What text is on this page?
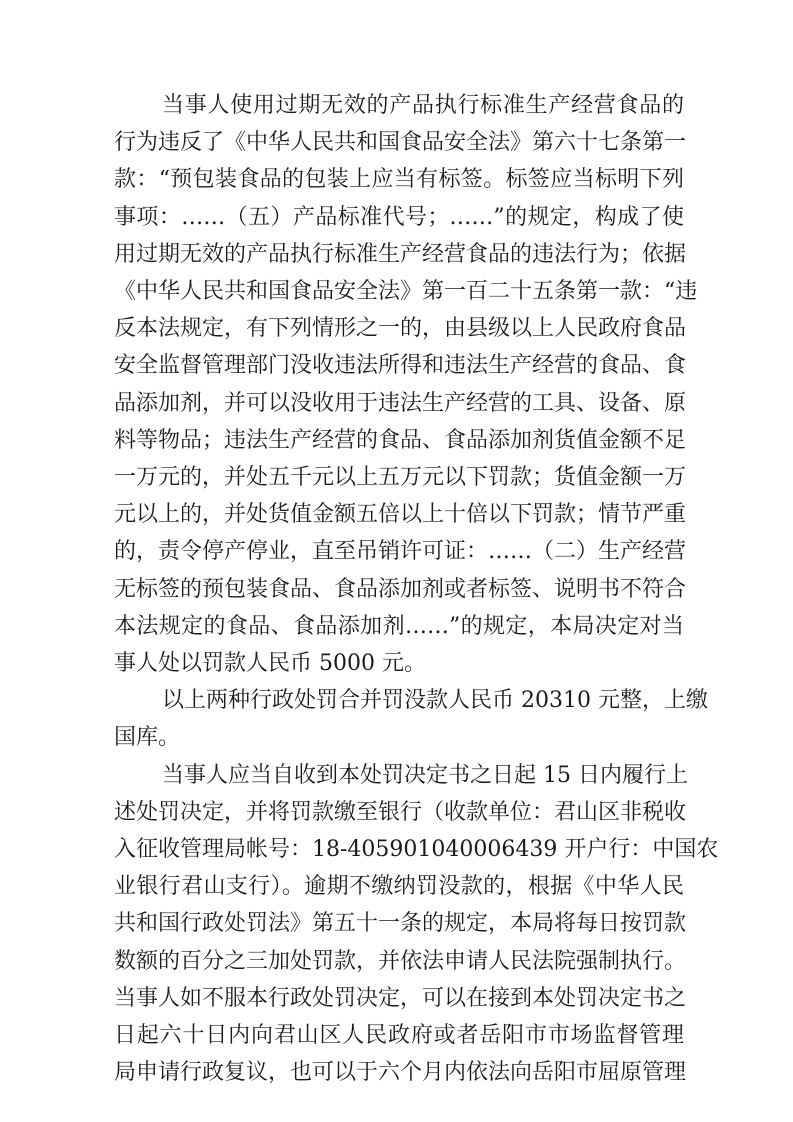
当事人使用过期无效的产品执行标准生产经营食品的
行为违反了《中华人民共和国食品安全法》第六十七条第一
款：“预包装食品的包装上应当有标签。标签应当标明下列
事项：……（五）产品标准代号；……”的规定，构成了使
用过期无效的产品执行标准生产经营食品的违法行为；依据
《中华人民共和国食品安全法》第一百二十五条第一款：“违
反本法规定，有下列情形之一的，由县级以上人民政府食品
安全监督管理部门没收违法所得和违法生产经营的食品、食
品添加剂，并可以没收用于违法生产经营的工具、设备、原
料等物品；违法生产经营的食品、食品添加剂货值金额不足
一万元的，并处五千元以上五万元以下罚款；货值金额一万
元以上的，并处货值金额五倍以上十倍以下罚款；情节严重
的，责令停产停业，直至吊销许可证：……（二）生产经营
无标签的预包装食品、食品添加剂或者标签、说明书不符合
本法规定的食品、食品添加剂……”的规定，本局决定对当
事人处以罚款人民币 5000 元。
以上两种行政处罚合并罚没款人民币 20310 元整，上缴
国库。
当事人应当自收到本处罚决定书之日起 15 日内履行上
述处罚决定，并将罚款缴至银行（收款单位：君山区非税收
入征收管理局帐号：18-405901040006439 开户行：中国农
业银行君山支行）。逾期不缴纳罚没款的，根据《中华人民
共和国行政处罚法》第五十一条的规定，本局将每日按罚款
数额的百分之三加处罚款，并依法申请人民法院强制执行。
当事人如不服本行政处罚决定，可以在接到本处罚决定书之
日起六十日内向君山区人民政府或者岳阳市市场监督管理
局申请行政复议，也可以于六个月内依法向岳阳市屈原管理
